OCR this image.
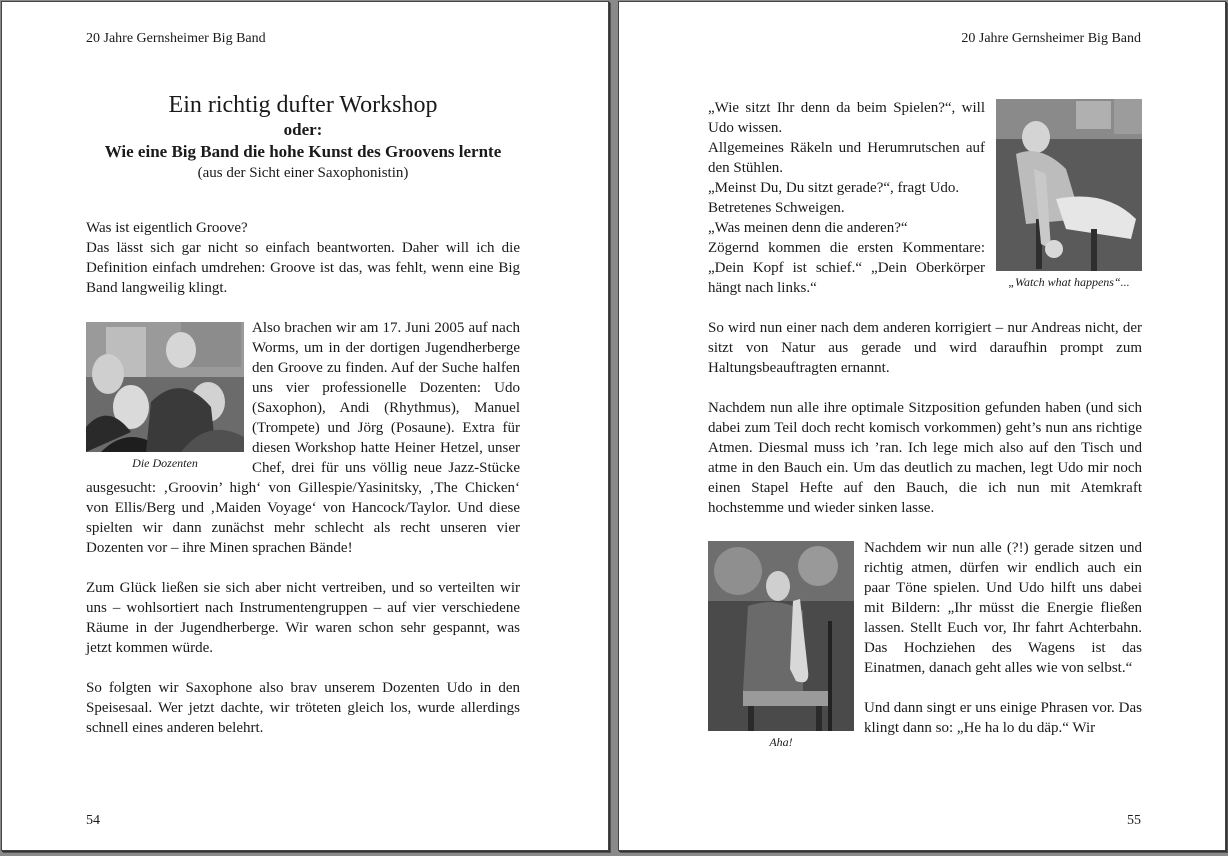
20 Jahre Gernsheimer Big Band
Ein richtig dufter Workshop
oder:
Wie eine Big Band die hohe Kunst des Groovens lernte
(aus der Sicht einer Saxophonistin)

Was ist eigentlich Groove?

Das lässt sich gar nicht so einfach beantworten. Daher will ich die Definition einfach umdrehen: Groove ist das, was fehlt, wenn eine Big Band langweilig klingt.

Die Dozenten

Also brachen wir am 17. Juni 2005 auf nach Worms, um in der dortigen Jugendherberge den Groove zu finden. Auf der Suche halfen uns vier professionelle Dozenten: Udo (Saxophon), Andi (Rhythmus), Manuel (Trompete) und Jörg (Posaune). Extra für diesen Workshop hatte Heiner Hetzel, unser Chef, drei für uns völlig neue Jazz-Stücke ausgesucht: ‚Groovin’ high‘ von Gillespie/Yasinitsky, ‚The Chicken‘ von Ellis/Berg und ‚Maiden Voyage‘ von Hancock/Taylor. Und diese spielten wir dann zunächst mehr schlecht als recht unseren vier Dozenten vor – ihre Minen sprachen Bände!

Zum Glück ließen sie sich aber nicht vertreiben, und so verteilten wir uns – wohlsortiert nach Instrumentengruppen – auf vier verschiedene Räume in der Jugendherberge. Wir waren schon sehr gespannt, was jetzt kommen würde.

So folgten wir Saxophone also brav unserem Dozenten Udo in den Speisesaal. Wer jetzt dachte, wir tröteten gleich los, wurde allerdings schnell eines anderen belehrt.

54
20 Jahre Gernsheimer Big Band
„Watch what happens“...

„Wie sitzt Ihr denn da beim Spielen?“, will Udo wissen.

Allgemeines Räkeln und Herumrutschen auf den Stühlen.

„Meinst Du, Du sitzt gerade?“, fragt Udo.

Betretenes Schweigen.

„Was meinen denn die anderen?“

Zögernd kommen die ersten Kommentare: „Dein Kopf ist schief.“ „Dein Oberkörper hängt nach links.“

So wird nun einer nach dem anderen korrigiert – nur Andreas nicht, der sitzt von Natur aus gerade und wird daraufhin prompt zum Haltungsbeauftragten ernannt.

Nachdem nun alle ihre optimale Sitzposition gefunden haben (und sich dabei zum Teil doch recht komisch vorkommen) geht’s nun ans richtige Atmen. Diesmal muss ich ’ran. Ich lege mich also auf den Tisch und atme in den Bauch ein. Um das deutlich zu machen, legt Udo mir noch einen Stapel Hefte auf den Bauch, die ich nun mit Atemkraft hochstemme und wieder sinken lasse.

Aha!

Nachdem wir nun alle (?!) gerade sitzen und richtig atmen, dürfen wir endlich auch ein paar Töne spielen. Und Udo hilft uns dabei mit Bildern: „Ihr müsst die Energie fließen lassen. Stellt Euch vor, Ihr fahrt Achterbahn. Das Hochziehen des Wagens ist das Einatmen, danach geht alles wie von selbst.“

Und dann singt er uns einige Phrasen vor. Das klingt dann so: „He ha lo du däp.“ Wir

55
